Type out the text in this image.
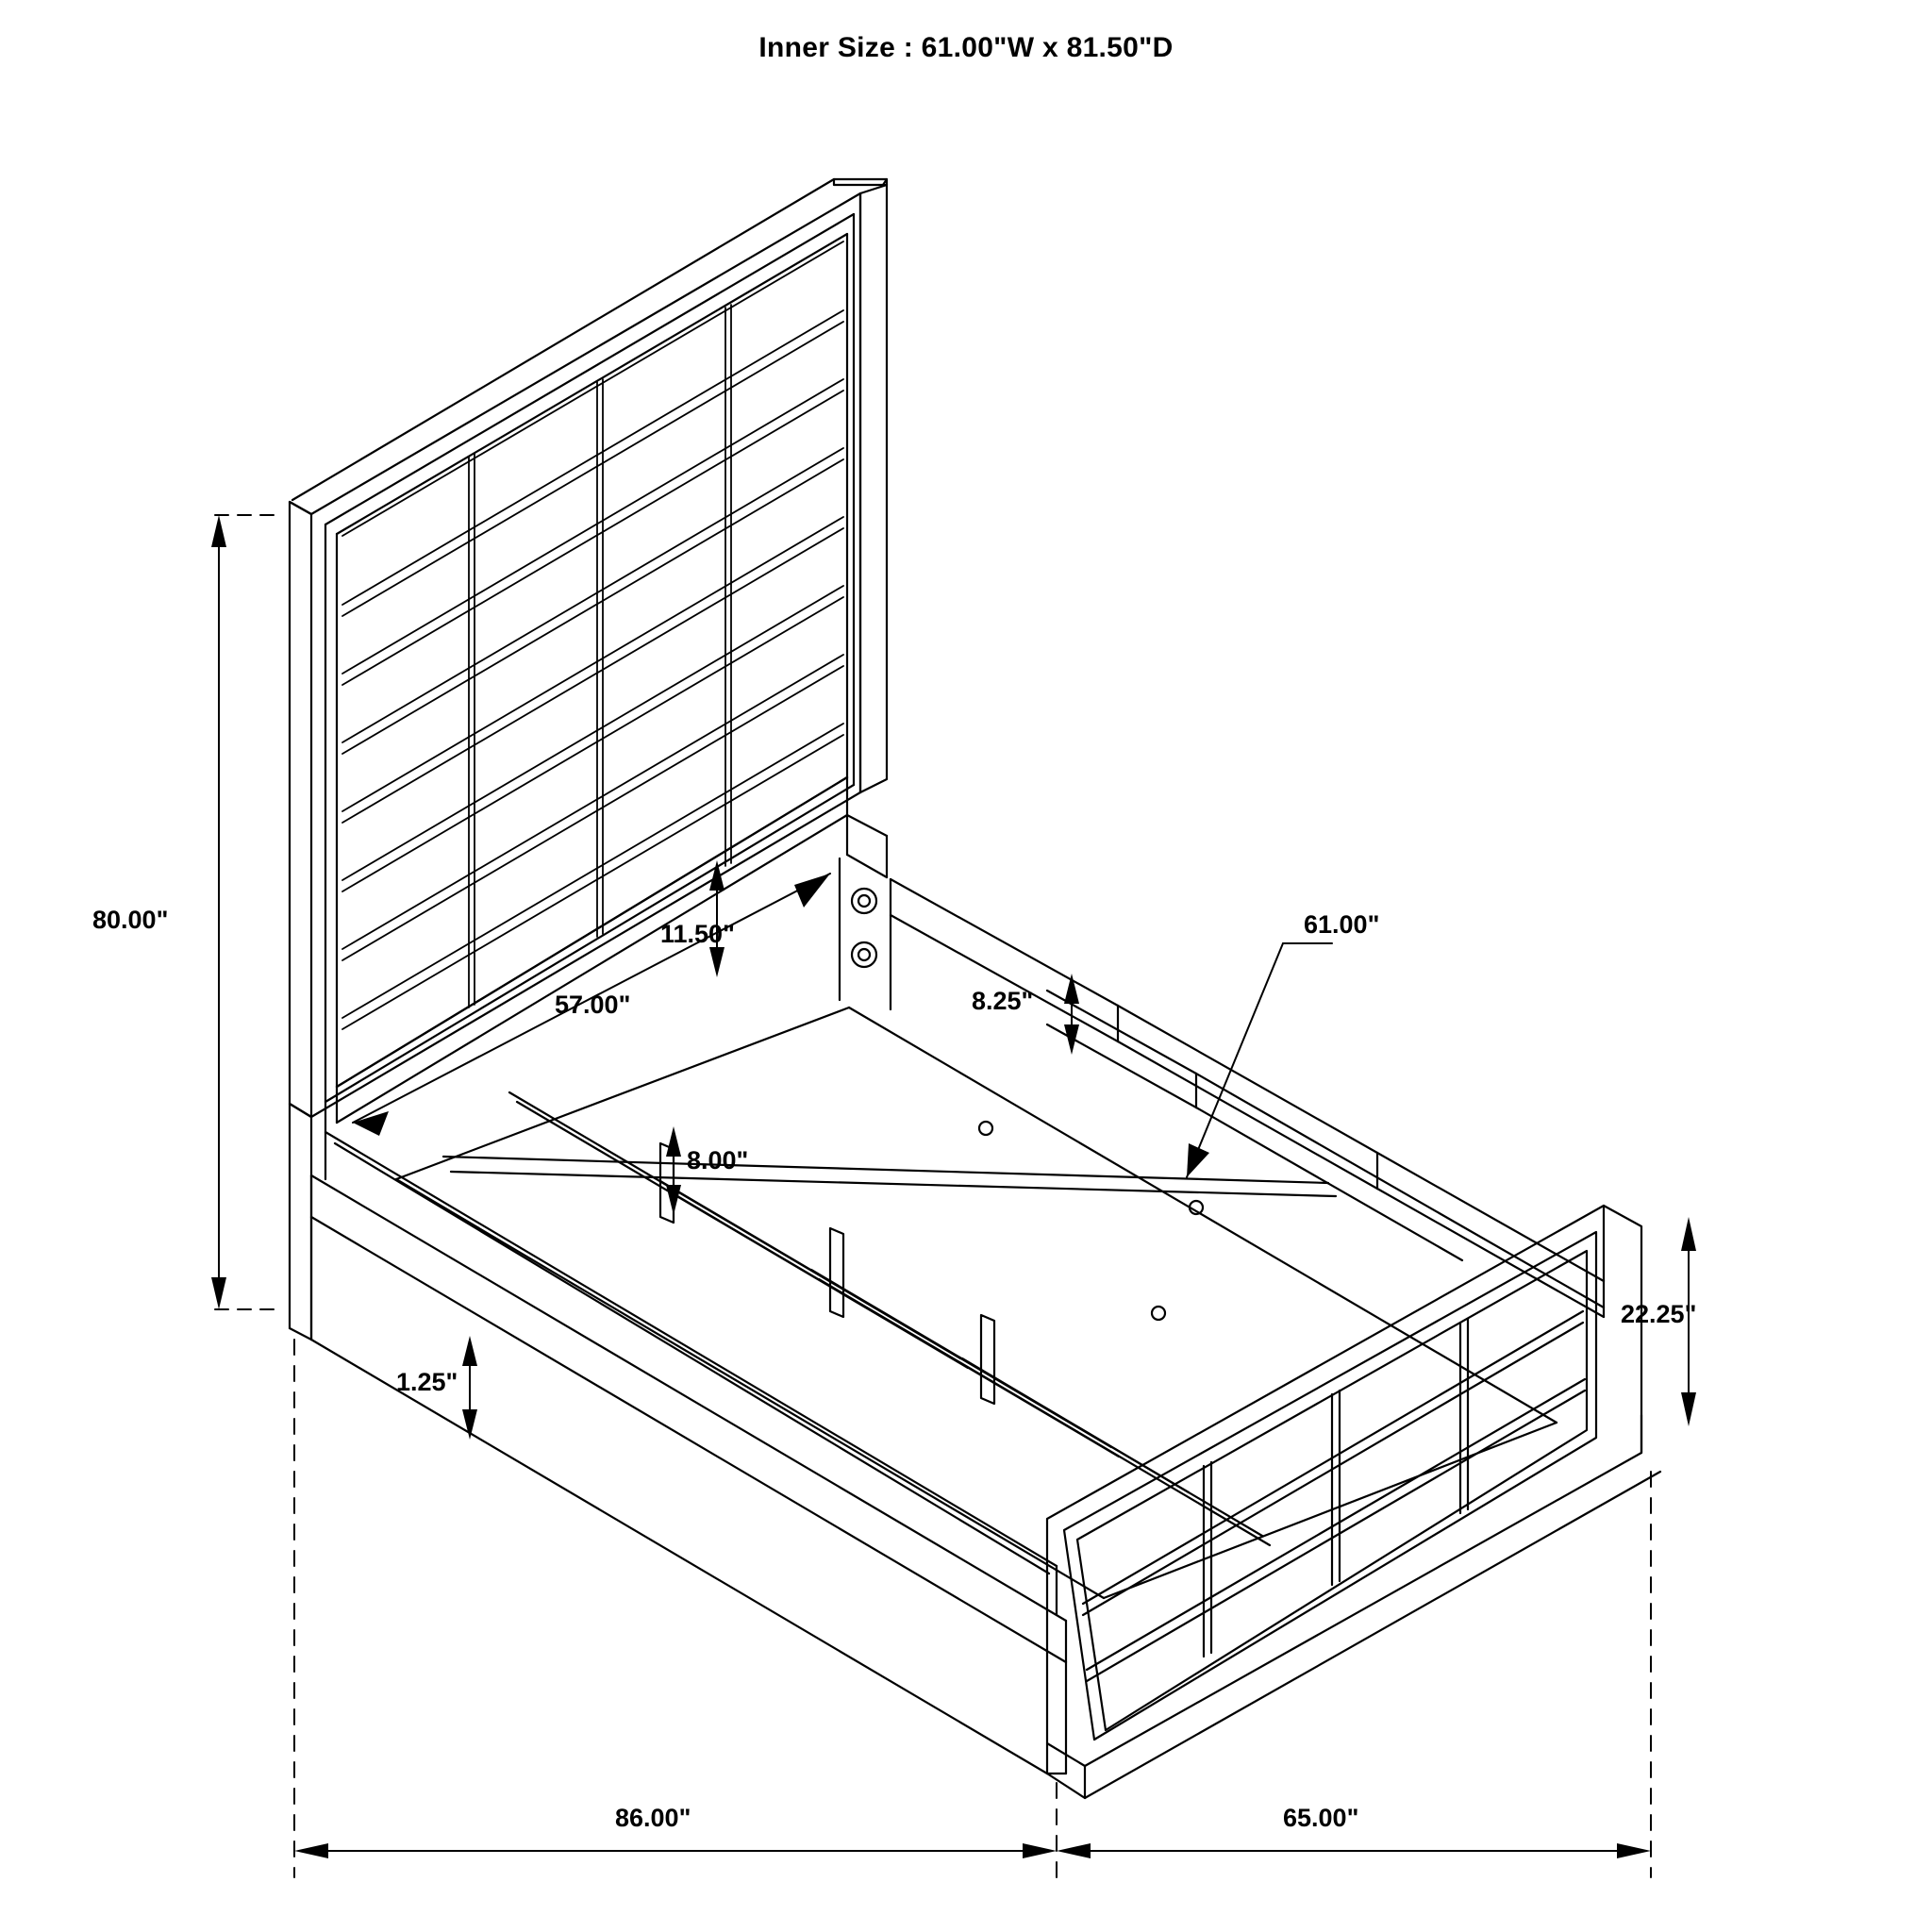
Inner Size : 61.00"W x 81.50"D
80.00"	11.50"
57.00"	8.25"
8.00"
61.00"
1.25"
22.25"
86.00"	65.00"
